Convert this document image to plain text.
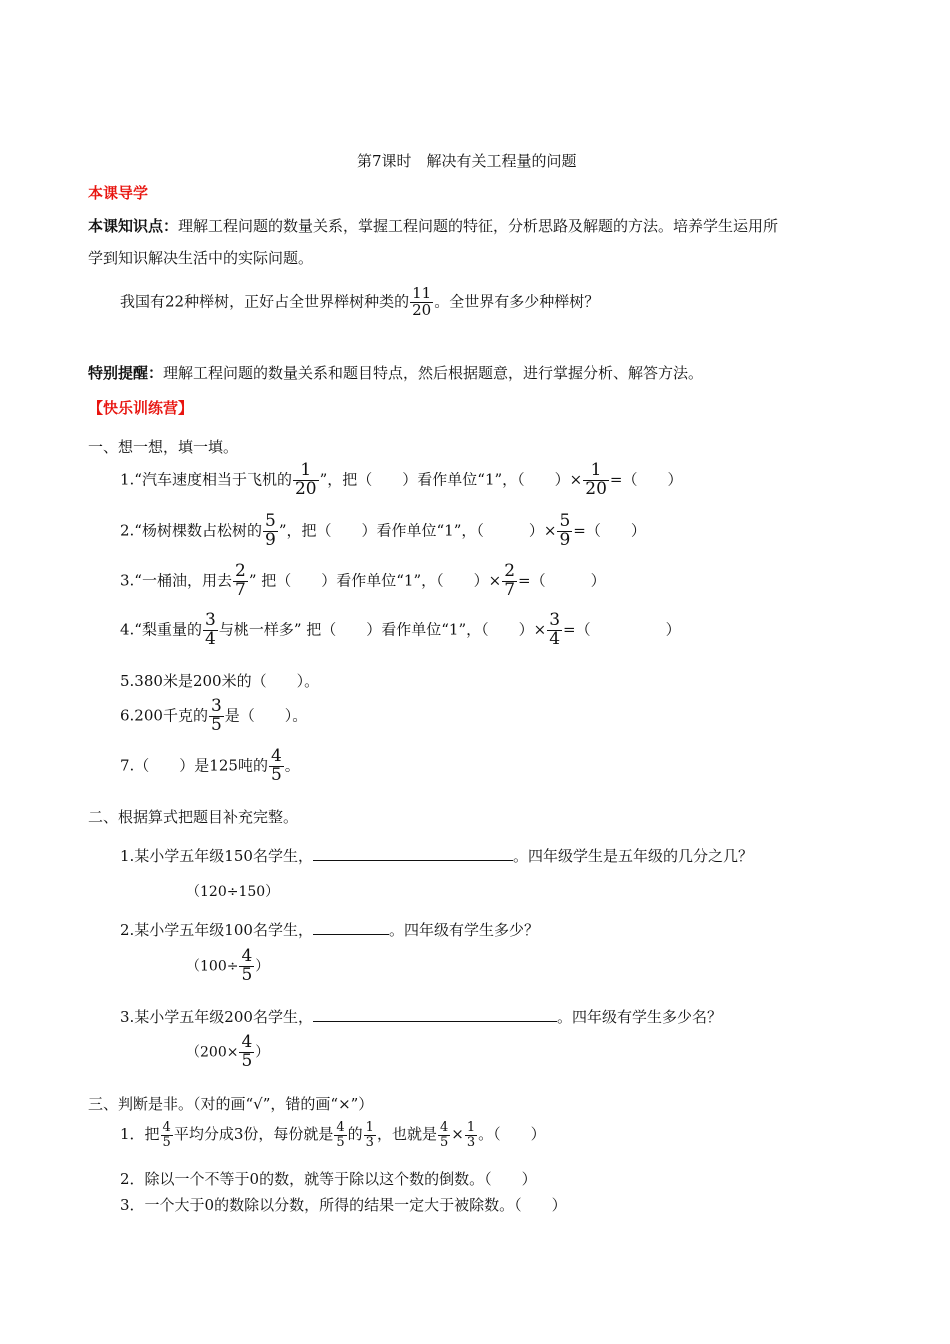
第7课时　解决有关工程量的问题
本课导学
本课知识点：理解工程问题的数量关系，掌握工程问题的特征，分析思路及解题的方法。培养学生运用所
学到知识解决生活中的实际问题。
我国有22种榉树，正好占全世界榉树种类的 $\frac{11}{20}$ 。全世界有多少种榉树？
特别提醒：理解工程问题的数量关系和题目特点，然后根据题意，进行掌握分析、解答方法。
【快乐训练营】
一、想一想，填一填。
1.“汽车速度相当于飞机的 $\frac{1}{20}$ ”，把（　　）看作单位“1”，（　　）× $\frac{1}{20}$ =（　　）
2.“杨树棵数占松树的 $\frac{5}{9}$ ”，把（　　）看作单位“1”，（　　　）× $\frac{5}{9}$ =（　　）
3.“一桶油，用去 $\frac{2}{7}$ ” 把（　　）看作单位“1”，（　　）× $\frac{2}{7}$ =（　　　）
4.“梨重量的 $\frac{3}{4}$ 与桃一样多” 把（　　）看作单位“1”，（　　）× $\frac{3}{4}$ =（　　　　　）
5.380米是200米的（　　）。
6.200千克的 $\frac{3}{5}$ 是（　　）。
7.（　　）是125吨的 $\frac{4}{5}$ 。
二、根据算式把题目补充完整。
1.某小学五年级150名学生，	。四年级学生是五年级的几分之几？
（120÷150）
2.某小学五年级100名学生，	。四年级有学生多少？
（$100\div \frac{4}{5}$ ）
3.某小学五年级200名学生，	。四年级有学生多少名？
（$200\times \frac{4}{5}$ ）
三、判断是非。（对的画“√”，错的画“×”）
1．把 $\frac{4}{5}$ 平均分成3份，每份就是 $\frac{4}{5}$ 的 $\frac{1}{3}$ ，也就是 $\frac{4}{5} \times \frac{1}{3}$ 。（　　）
2．除以一个不等于0的数，就等于除以这个数的倒数。（　　）
3．一个大于0的数除以分数，所得的结果一定大于被除数。（　　）
